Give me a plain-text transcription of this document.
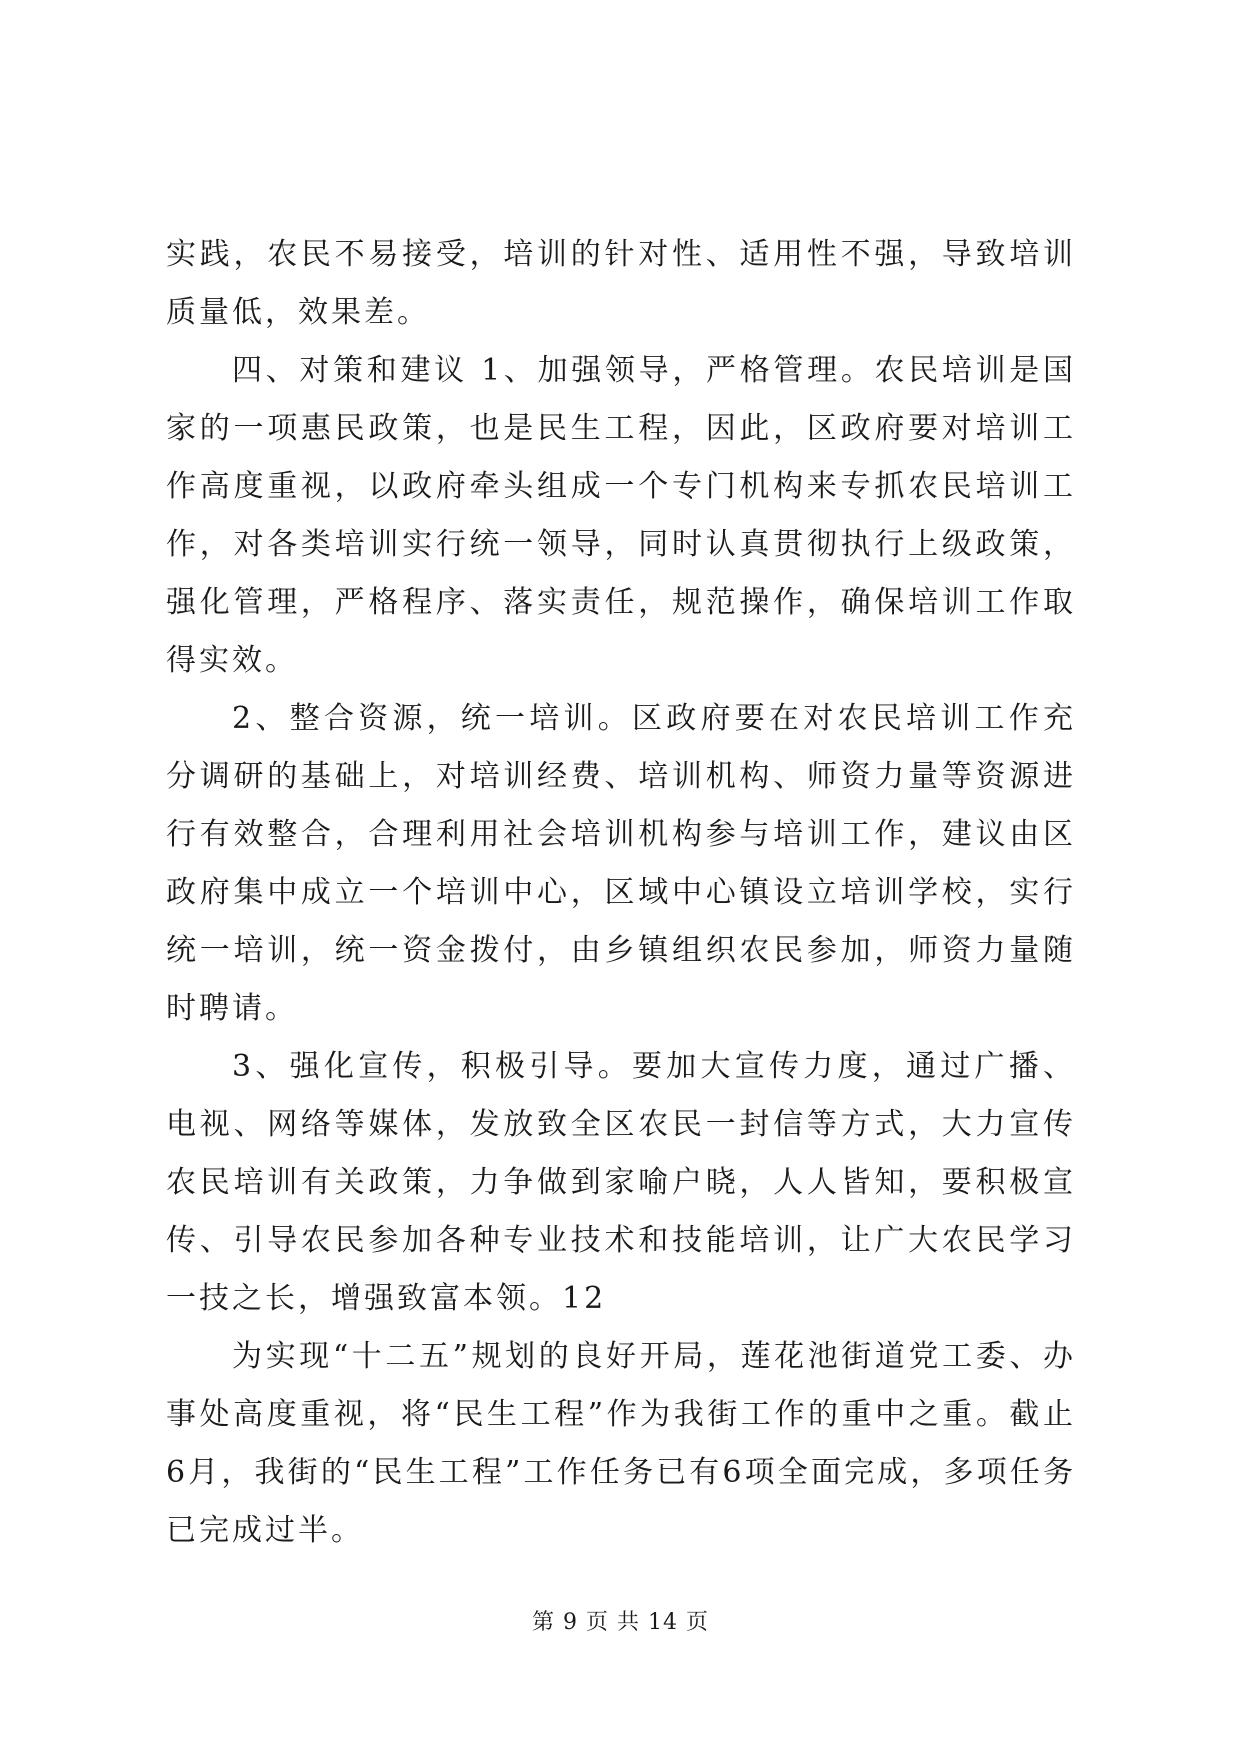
实践，农民不易接受，培训的针对性、适用性不强，导致培训质量低，效果差。

四、对策和建议 1、加强领导，严格管理。农民培训是国家的一项惠民政策，也是民生工程，因此，区政府要对培训工作高度重视，以政府牵头组成一个专门机构来专抓农民培训工作，对各类培训实行统一领导，同时认真贯彻执行上级政策，强化管理，严格程序、落实责任，规范操作，确保培训工作取得实效。

2、整合资源，统一培训。区政府要在对农民培训工作充分调研的基础上，对培训经费、培训机构、师资力量等资源进行有效整合，合理利用社会培训机构参与培训工作，建议由区政府集中成立一个培训中心，区域中心镇设立培训学校，实行统一培训，统一资金拨付，由乡镇组织农民参加，师资力量随时聘请。

3、强化宣传，积极引导。要加大宣传力度，通过广播、电视、网络等媒体，发放致全区农民一封信等方式，大力宣传农民培训有关政策，力争做到家喻户晓，人人皆知，要积极宣传、引导农民参加各种专业技术和技能培训，让广大农民学习一技之长，增强致富本领。12

为实现“十二五”规划的良好开局，莲花池街道党工委、办事处高度重视，将“民生工程”作为我街工作的重中之重。截止6月，我街的“民生工程”工作任务已有6项全面完成，多项任务已完成过半。

第 9 页 共 14 页
